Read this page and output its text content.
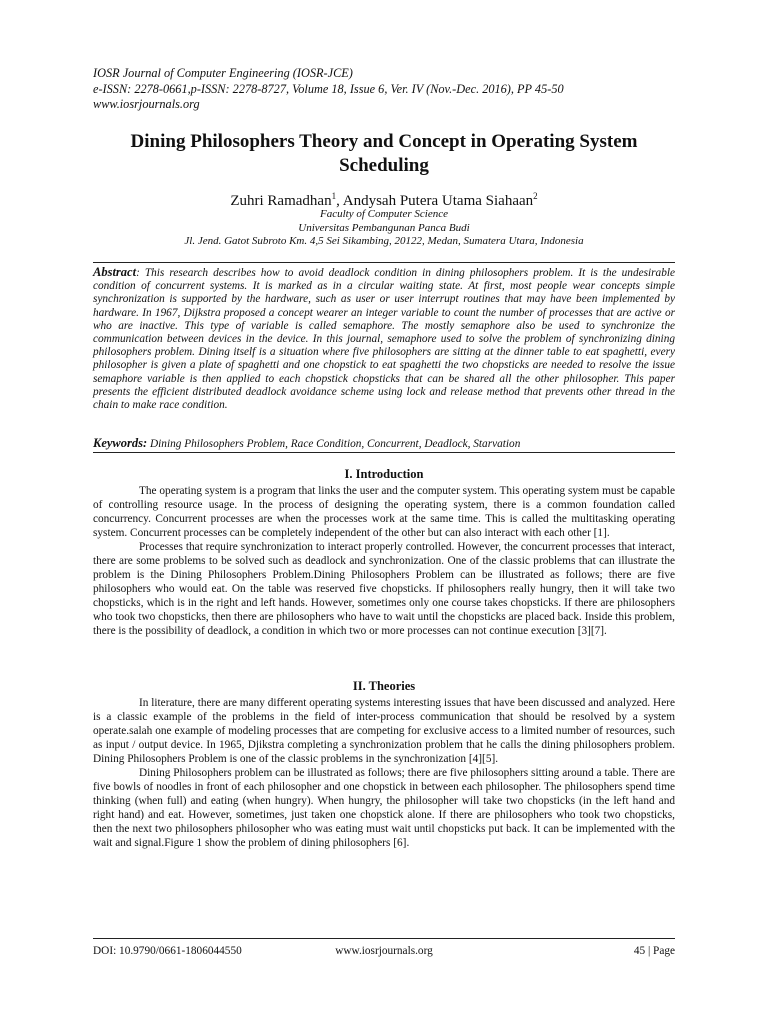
IOSR Journal of Computer Engineering (IOSR-JCE)
e-ISSN: 2278-0661,p-ISSN: 2278-8727, Volume 18, Issue 6, Ver. IV (Nov.-Dec. 2016), PP 45-50
www.iosrjournals.org
Dining Philosophers Theory and Concept in Operating System
Scheduling
Zuhri Ramadhan$^1$, Andysah Putera Utama Siahaan$^2$
Faculty of Computer Science
Universitas Pembangunan Panca Budi
Jl. Jend. Gatot Subroto Km. 4,5 Sei Sikambing, 20122, Medan, Sumatera Utara, Indonesia
Abstract: This research describes how to avoid deadlock condition in dining philosophers problem. It is the undesirable condition of concurrent systems. It is marked as in a circular waiting state. At first, most people wear concepts simple synchronization is supported by the hardware, such as user or user interrupt routines that may have been implemented by hardware. In 1967, Dijkstra proposed a concept wearer an integer variable to count the number of processes that are active or who are inactive. This type of variable is called semaphore. The mostly semaphore also be used to synchronize the communication between devices in the device. In this journal, semaphore used to solve the problem of synchronizing dining philosophers problem. Dining itself is a situation where five philosophers are sitting at the dinner table to eat spaghetti, every philosopher is given a plate of spaghetti and one chopstick to eat spaghetti the two chopsticks are needed to resolve the issue semaphore variable is then applied to each chopstick chopsticks that can be shared all the other philosopher. This paper presents the efficient distributed deadlock avoidance scheme using lock and release method that prevents other thread in the chain to make race condition.
Keywords: Dining Philosophers Problem, Race Condition, Concurrent, Deadlock, Starvation
I. Introduction

The operating system is a program that links the user and the computer system. This operating system must be capable of controlling resource usage. In the process of designing the operating system, there is a common foundation called concurrency. Concurrent processes are when the processes work at the same time. This is called the multitasking operating system. Concurrent processes can be completely independent of the other but can also interact with each other [1].

Processes that require synchronization to interact properly controlled. However, the concurrent processes that interact, there are some problems to be solved such as deadlock and synchronization. One of the classic problems that can illustrate the problem is the Dining Philosophers Problem.Dining Philosophers Problem can be illustrated as follows; there are five philosophers who would eat. On the table was reserved five chopsticks. If philosophers really hungry, then it will take two chopsticks, which is in the right and left hands. However, sometimes only one course takes chopsticks. If there are philosophers who took two chopsticks, then there are philosophers who have to wait until the chopsticks are placed back. Inside this problem, there is the possibility of deadlock, a condition in which two or more processes can not continue execution [3][7].

II. Theories

In literature, there are many different operating systems interesting issues that have been discussed and analyzed. Here is a classic example of the problems in the field of inter-process communication that should be resolved by a system operate.salah one example of modeling processes that are competing for exclusive access to a limited number of resources, such as input / output device. In 1965, Djikstra completing a synchronization problem that he calls the dining philosophers problem. Dining Philosophers Problem is one of the classic problems in the synchronization [4][5].

Dining Philosophers problem can be illustrated as follows; there are five philosophers sitting around a table. There are five bowls of noodles in front of each philosopher and one chopstick in between each philosopher. The philosophers spend time thinking (when full) and eating (when hungry). When hungry, the philosopher will take two chopsticks (in the left hand and right hand) and eat. However, sometimes, just taken one chopstick alone. If there are philosophers who took two chopsticks, then the next two philosophers philosopher who was eating must wait until chopsticks put back. It can be implemented with the wait and signal.Figure 1 show the problem of dining philosophers [6].

DOI: 10.9790/0661-1806044550	www.iosrjournals.org	45 | Page
